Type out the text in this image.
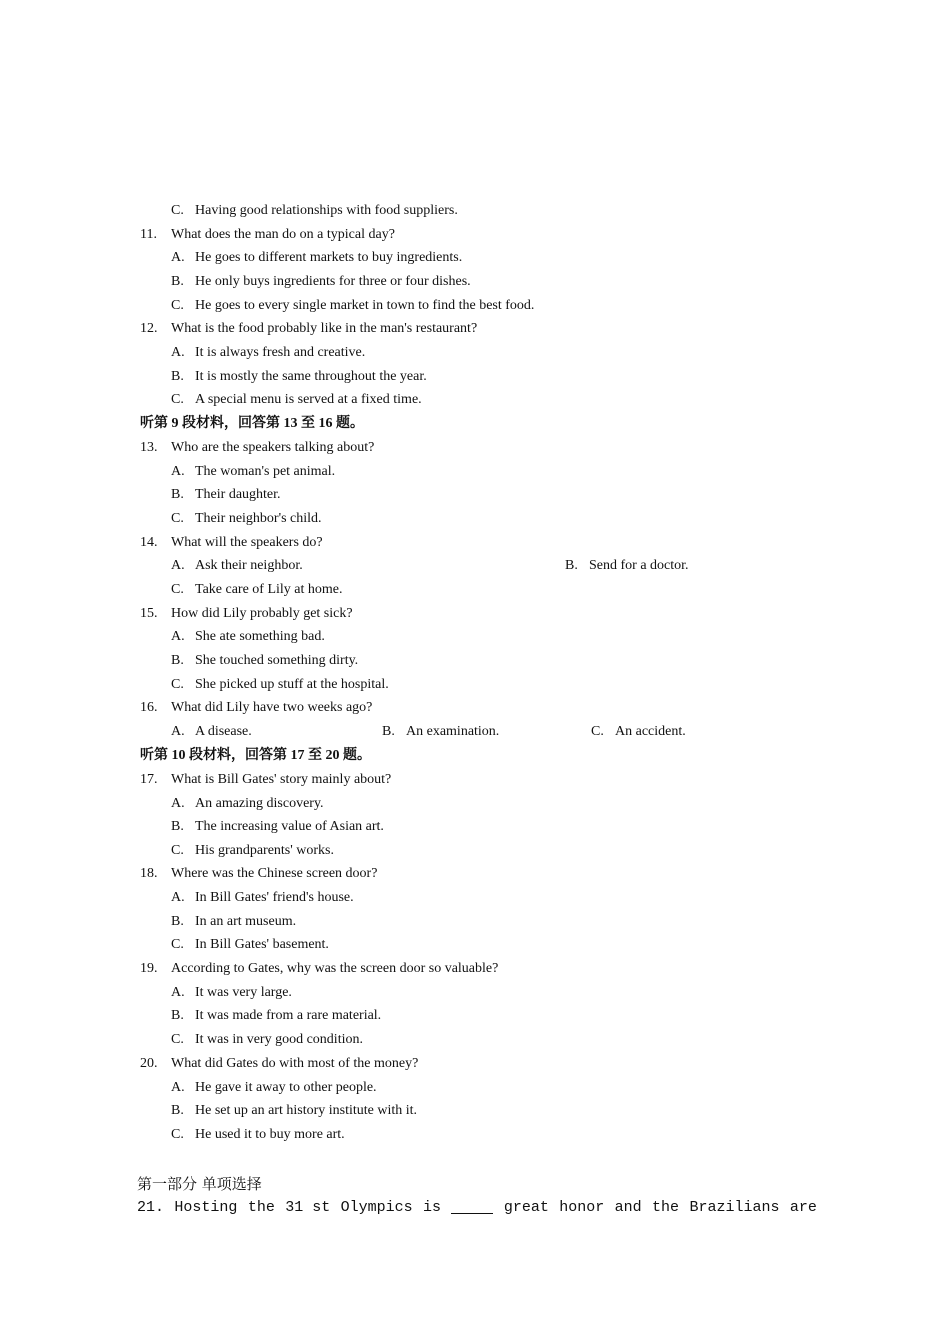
C. Having good relationships with food suppliers.
11. What does the man do on a typical day?
A. He goes to different markets to buy ingredients.
B. He only buys ingredients for three or four dishes.
C. He goes to every single market in town to find the best food.
12. What is the food probably like in the man's restaurant?
A. It is always fresh and creative.
B. It is mostly the same throughout the year.
C. A special menu is served at a fixed time.
听第 9 段材料，回答第 13 至 16 题。
13. Who are the speakers talking about?
A. The woman's pet animal.
B. Their daughter.
C. Their neighbor's child.
14. What will the speakers do?
A. Ask their neighbor.	B. Send for a doctor.
C. Take care of Lily at home.
15. How did Lily probably get sick?
A. She ate something bad.
B. She touched something dirty.
C. She picked up stuff at the hospital.
16. What did Lily have two weeks ago?
A. A disease.	B. An examination.	C. An accident.
听第 10 段材料，回答第 17 至 20 题。
17. What is Bill Gates' story mainly about?
A. An amazing discovery.
B. The increasing value of Asian art.
C. His grandparents' works.
18. Where was the Chinese screen door?
A. In Bill Gates' friend's house.
B. In an art museum.
C. In Bill Gates' basement.
19. According to Gates, why was the screen door so valuable?
A. It was very large.
B. It was made from a rare material.
C. It was in very good condition.
20. What did Gates do with most of the money?
A. He gave it away to other people.
B. He set up an art history institute with it.
C. He used it to buy more art.
第一部分 单项选择
21. Hosting the 31 st Olympics is	great honor and the Brazilians are
